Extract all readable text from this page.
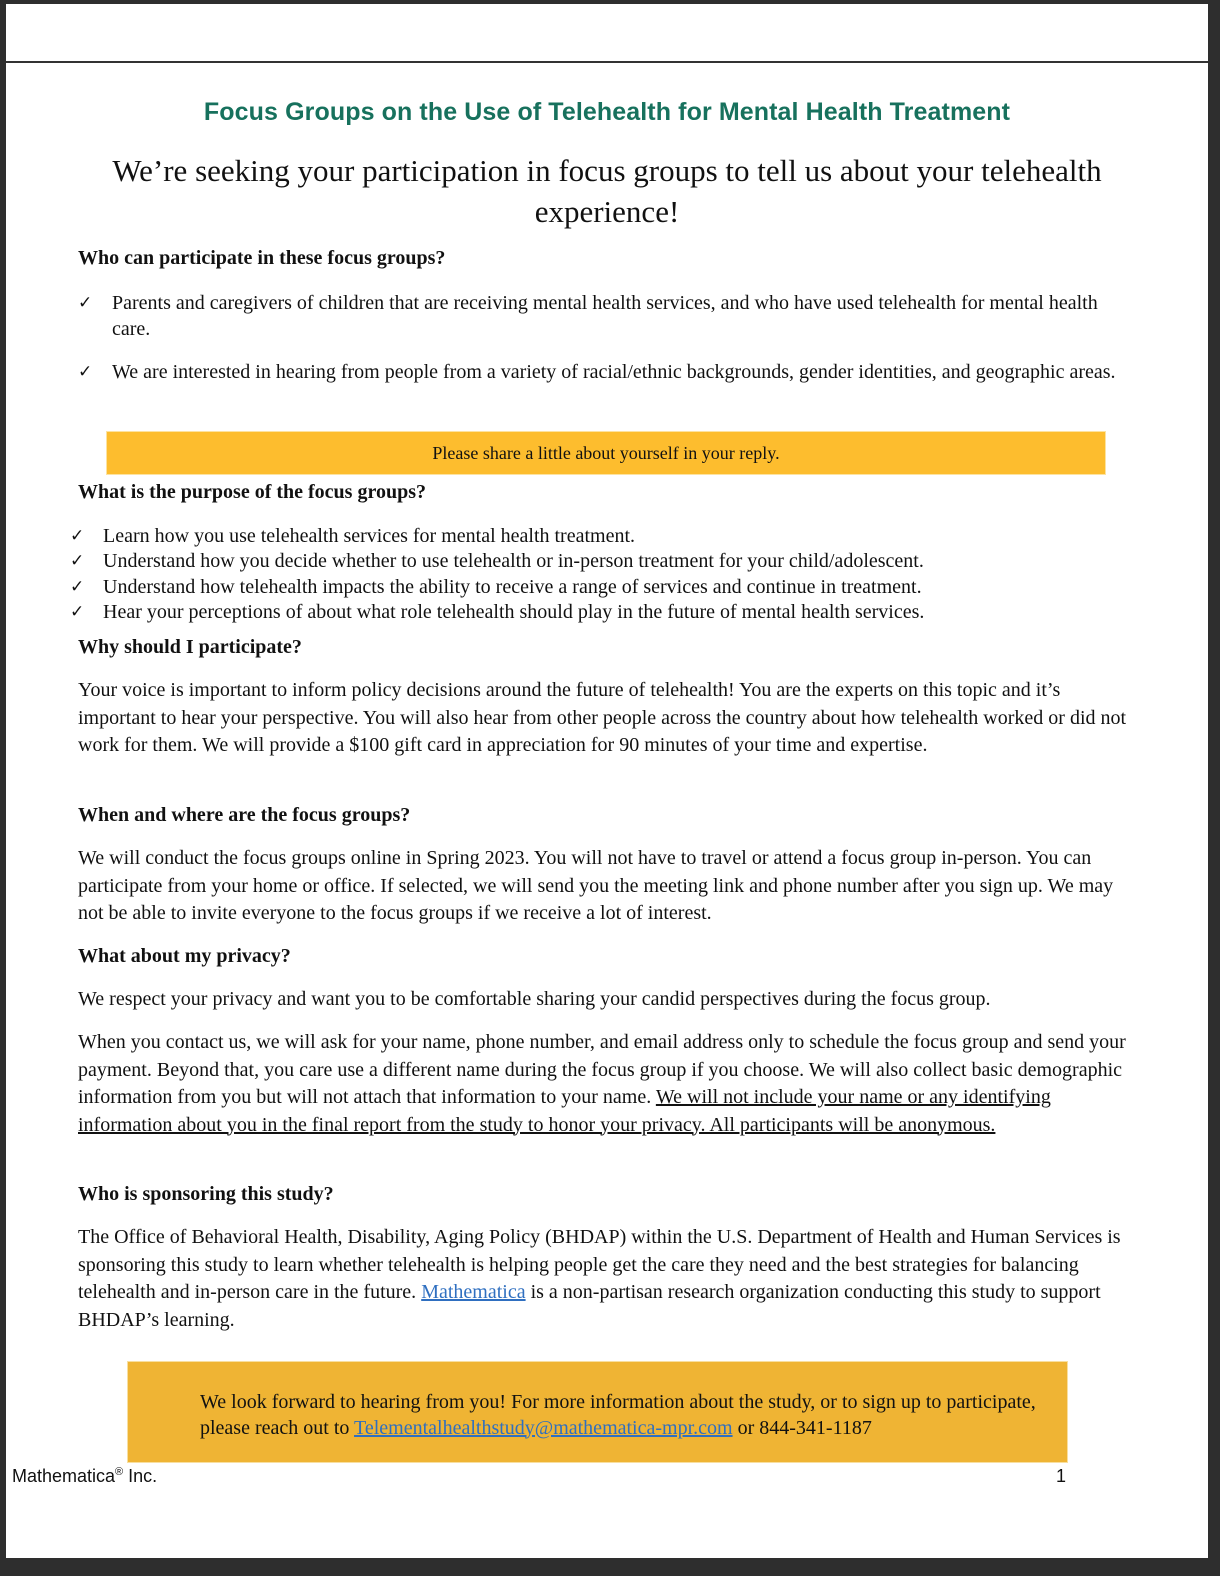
Focus Groups on the Use of Telehealth for Mental Health Treatment
We’re seeking your participation in focus groups to tell us about your telehealth experience!
Who can participate in these focus groups?
✓ Parents and caregivers of children that are receiving mental health services, and who have used telehealth for mental health care.
✓ We are interested in hearing from people from a variety of racial/ethnic backgrounds, gender identities, and geographic areas.
Please share a little about yourself in your reply.
What is the purpose of the focus groups?
✓ Learn how you use telehealth services for mental health treatment.
✓ Understand how you decide whether to use telehealth or in-person treatment for your child/adolescent.
✓ Understand how telehealth impacts the ability to receive a range of services and continue in treatment.
✓ Hear your perceptions of about what role telehealth should play in the future of mental health services.
Why should I participate?

Your voice is important to inform policy decisions around the future of telehealth! You are the experts on this topic and it’s important to hear your perspective. You will also hear from other people across the country about how telehealth worked or did not work for them. We will provide a $100 gift card in appreciation for 90 minutes of your time and expertise.

When and where are the focus groups?

We will conduct the focus groups online in Spring 2023. You will not have to travel or attend a focus group in-person. You can participate from your home or office. If selected, we will send you the meeting link and phone number after you sign up. We may not be able to invite everyone to the focus groups if we receive a lot of interest.

What about my privacy?

We respect your privacy and want you to be comfortable sharing your candid perspectives during the focus group.

When you contact us, we will ask for your name, phone number, and email address only to schedule the focus group and send your payment. Beyond that, you care use a different name during the focus group if you choose. We will also collect basic demographic information from you but will not attach that information to your name. We will not include your name or any identifying information about you in the final report from the study to honor your privacy. All participants will be anonymous.

Who is sponsoring this study?

The Office of Behavioral Health, Disability, Aging Policy (BHDAP) within the U.S. Department of Health and Human Services is sponsoring this study to learn whether telehealth is helping people get the care they need and the best strategies for balancing telehealth and in-person care in the future. Mathematica is a non-partisan research organization conducting this study to support BHDAP’s learning.

We look forward to hearing from you! For more information about the study, or to sign up to participate, please reach out to Telementalhealthstudy@mathematica-mpr.com or 844-341-1187
Mathematica® Inc.	1
